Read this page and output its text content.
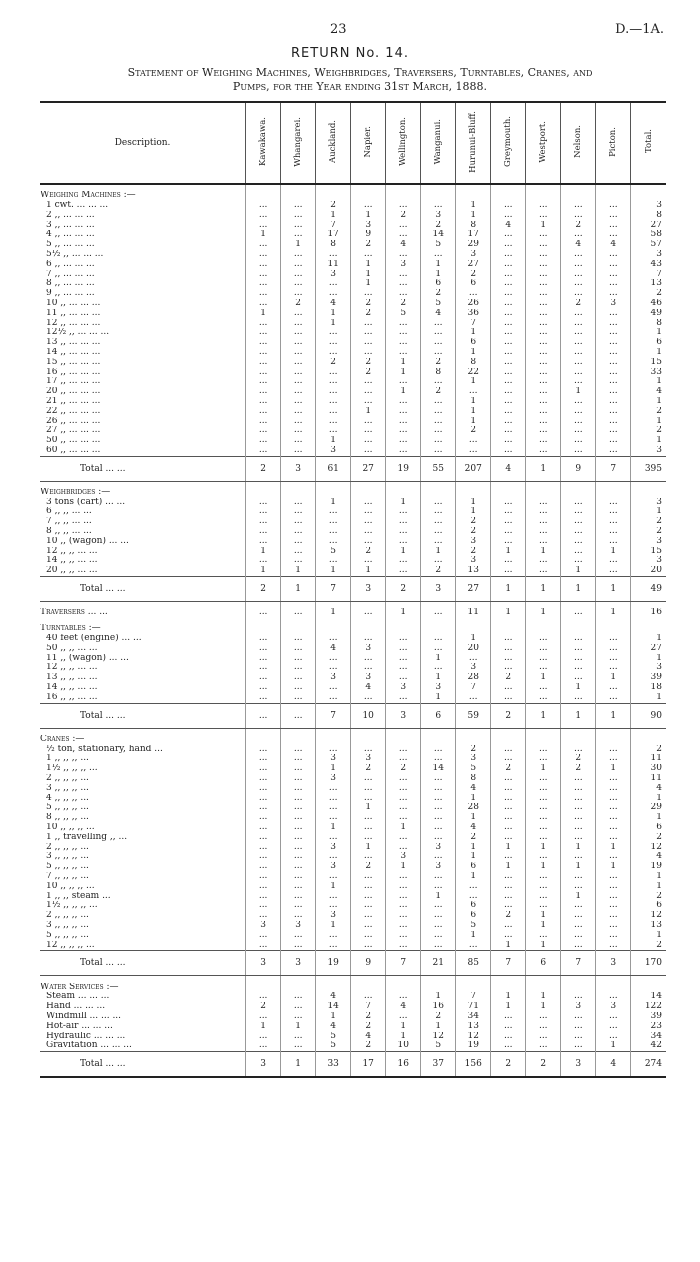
23	D.—1A.
RETURN No. 14.
Statement of Weighing Machines, Weighbridges, Traversers, Turntables, Cranes, and
Pumps, for the Year ending 31st March, 1888.
Description.	Kawakawa.	Whangarei.	Auckland.	Napier.	Wellington.	Wanganui.	Hurunui-Bluff.	Greymouth.	Westport.	Nelson.	Picton.	Total.

Weighing Machines :—												
1 cwt. ... ... ...	...	...	2	...	...	...	1	...	...	...	...	3
2 ,, ... ... ...	...	...	1	1	2	3	1	...	...	...	...	8
3 ,, ... ... ...	...	...	7	3	...	2	8	4	1	2	...	27
4 ,, ... ... ...	1	...	17	9	...	14	17	...	...	...	...	58
5 ,, ... ... ...	...	1	8	2	4	5	29	...	...	4	4	57
5½ ,, ... ... ...	...	...	...	...	...	...	3	...	...	...	...	3
6 ,, ... ... ...	...	...	11	1	3	1	27	...	...	...	...	43
7 ,, ... ... ...	...	...	3	1	...	1	2	...	...	...	...	7
8 ,, ... ... ...	...	...	...	1	...	6	6	...	...	...	...	13
9 ,, ... ... ...	...	...	...	...	...	2	...	...	...	...	...	2
10 ,, ... ... ...	...	2	4	2	2	5	26	...	...	2	3	46
11 ,, ... ... ...	1	...	1	2	5	4	36	...	...	...	...	49
12 ,, ... ... ...	...	...	1	...	...	...	7	...	...	...	...	8
12½ ,, ... ... ...	...	...	...	...	...	...	1	...	...	...	...	1
13 ,, ... ... ...	...	...	...	...	...	...	6	...	...	...	...	6
14 ,, ... ... ...	...	...	...	...	...	...	1	...	...	...	...	1
15 ,, ... ... ...	...	...	2	2	1	2	8	...	...	...	...	15
16 ,, ... ... ...	...	...	...	2	1	8	22	...	...	...	...	33
17 ,, ... ... ...	...	...	...	...	...	...	1	...	...	...	...	1
20 ,, ... ... ...	...	...	...	...	1	2	...	...	...	1	...	4
21 ,, ... ... ...	...	...	...	...	...	...	1	...	...	...	...	1
22 ,, ... ... ...	...	...	...	1	...	...	1	...	...	...	...	2
26 ,, ... ... ...	...	...	...	...	...	...	1	...	...	...	...	1
27 ,, ... ... ...	...	...	...	...	...	...	2	...	...	...	...	2
50 ,, ... ... ...	...	...	1	...	...	...	...	...	...	...	...	1
60 ,, ... ... ...	...	...	3	...	...	...	...	...	...	...	...	3
Total ... ...	2	3	61	27	19	55	207	4	1	9	7	395

Weighbridges :—												
3 tons (cart) ... ...	...	...	1	...	1	...	1	...	...	...	...	3
6 ,, ,, ... ...	...	...	...	...	...	...	1	...	...	...	...	1
7 ,, ,, ... ...	...	...	...	...	...	...	2	...	...	...	...	2
8 ,, ,, ... ...	...	...	...	...	...	...	2	...	...	...	...	2
10 ,, (wagon) ... ...	...	...	...	...	...	...	3	...	...	...	...	3
12 ,, ,, ... ...	1	...	5	2	1	1	2	1	1	...	1	15
14 ,, ,, ... ...	...	...	...	...	...	...	3	...	...	...	...	3
20 ,, ,, ... ...	1	1	1	1	...	2	13	...	...	1	...	20
Total ... ...	2	1	7	3	2	3	27	1	1	1	1	49

Traversers ... ...	...	...	1	...	1	...	11	1	1	...	1	16

Turntables :—												
40 feet (engine) ... ...	...	...	...	...	...	...	1	...	...	...	...	1
50 ,, ,, ... ...	...	...	4	3	...	...	20	...	...	...	...	27
11 ,, (wagon) ... ...	...	...	...	...	...	1	...	...	...	...	...	1
12 ,, ,, ... ...	...	...	...	...	...	...	3	...	...	...	...	3
13 ,, ,, ... ...	...	...	3	3	...	1	28	2	1	...	1	39
14 ,, ,, ... ...	...	...	...	4	3	3	7	...	...	1	...	18
16 ,, ,, ... ...	...	...	...	...	...	1	...	...	...	...	...	1
Total ... ...	...	...	7	10	3	6	59	2	1	1	1	90

Cranes :—												
½ ton, stationary, hand ...	...	...	...	...	...	...	2	...	...	...	...	2
1 ,, ,, ,, ...	...	...	3	3	...	...	3	...	...	2	...	11
1½ ,, ,, ,, ...	...	...	1	2	2	14	5	2	1	2	1	30
2 ,, ,, ,, ...	...	...	3	...	...	...	8	...	...	...	...	11
3 ,, ,, ,, ...	...	...	...	...	...	...	4	...	...	...	...	4
4 ,, ,, ,, ...	...	...	...	...	...	...	1	...	...	...	...	1
5 ,, ,, ,, ...	...	...	...	1	...	...	28	...	...	...	...	29
8 ,, ,, ,, ...	...	...	...	...	...	...	1	...	...	...	...	1
10 ,, ,, ,, ...	...	...	1	...	1	...	4	...	...	...	...	6
1 ,, travelling ,, ...	...	...	...	...	...	...	2	...	...	...	...	2
2 ,, ,, ,, ...	...	...	3	1	...	3	1	1	1	1	1	12
3 ,, ,, ,, ...	...	...	...	...	3	...	1	...	...	...	...	4
5 ,, ,, ,, ...	...	...	3	2	1	3	6	1	1	1	1	19
7 ,, ,, ,, ...	...	...	...	...	...	...	1	...	...	...	...	1
10 ,, ,, ,, ...	...	...	1	...	...	...	...	...	...	...	...	1
1 ,, ,, steam ...	...	...	...	...	...	1	...	...	...	1	...	2
1½ ,, ,, ,, ...	...	...	...	...	...	...	6	...	...	...	...	6
2 ,, ,, ,, ...	...	...	3	...	...	...	6	2	1	...	...	12
3 ,, ,, ,, ...	3	3	1	...	...	...	5	...	1	...	...	13
5 ,, ,, ,, ...	...	...	...	...	...	...	1	...	...	...	...	1
12 ,, ,, ,, ...	...	...	...	...	...	...	...	1	1	...	...	2
Total ... ...	3	3	19	9	7	21	85	7	6	7	3	170

Water Services :—												
Steam ... ... ...	...	...	4	...	...	1	7	1	1	...	...	14
Hand ... ... ...	2	...	14	7	4	16	71	1	1	3	3	122
Windmill ... ... ...	...	...	1	2	...	2	34	...	...	...	...	39
Hot-air ... ... ...	1	1	4	2	1	1	13	...	...	...	...	23
Hydraulic ... ... ...	...	...	5	4	1	12	12	...	...	...	...	34
Gravitation ... ... ...	...	...	5	2	10	5	19	...	...	...	1	42
Total ... ...	3	1	33	17	16	37	156	2	2	3	4	274
